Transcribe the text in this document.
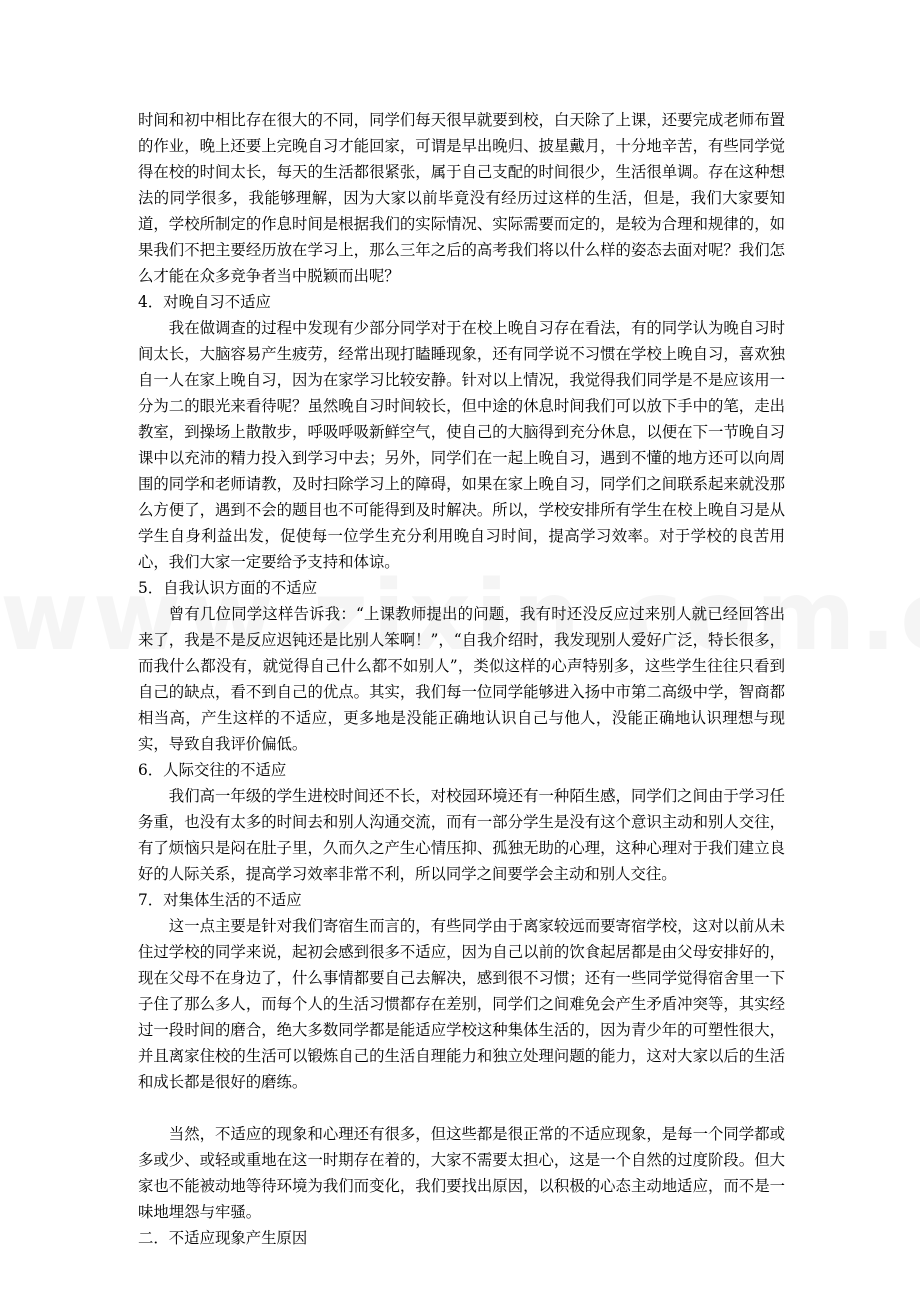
时间和初中相比存在很大的不同，同学们每天很早就要到校，白天除了上课，还要完成老师布置的作业，晚上还要上完晚自习才能回家，可谓是早出晚归、披星戴月，十分地辛苦，有些同学觉得在校的时间太长，每天的生活都很紧张，属于自己支配的时间很少，生活很单调。存在这种想法的同学很多，我能够理解，因为大家以前毕竟没有经历过这样的生活，但是，我们大家要知道，学校所制定的作息时间是根据我们的实际情况、实际需要而定的，是较为合理和规律的，如果我们不把主要经历放在学习上，那么三年之后的高考我们将以什么样的姿态去面对呢？我们怎么才能在众多竞争者当中脱颖而出呢？

4．对晚自习不适应

我在做调查的过程中发现有少部分同学对于在校上晚自习存在看法，有的同学认为晚自习时间太长，大脑容易产生疲劳，经常出现打瞌睡现象，还有同学说不习惯在学校上晚自习，喜欢独自一人在家上晚自习，因为在家学习比较安静。针对以上情况，我觉得我们同学是不是应该用一分为二的眼光来看待呢？虽然晚自习时间较长，但中途的休息时间我们可以放下手中的笔，走出教室，到操场上散散步，呼吸呼吸新鲜空气，使自己的大脑得到充分休息，以便在下一节晚自习课中以充沛的精力投入到学习中去；另外，同学们在一起上晚自习，遇到不懂的地方还可以向周围的同学和老师请教，及时扫除学习上的障碍，如果在家上晚自习，同学们之间联系起来就没那么方便了，遇到不会的题目也不可能得到及时解决。所以，学校安排所有学生在校上晚自习是从学生自身利益出发，促使每一位学生充分利用晚自习时间，提高学习效率。对于学校的良苦用心，我们大家一定要给予支持和体谅。

5．自我认识方面的不适应

曾有几位同学这样告诉我：“上课教师提出的问题，我有时还没反应过来别人就已经回答出来了，我是不是反应迟钝还是比别人笨啊！”，“自我介绍时，我发现别人爱好广泛，特长很多，而我什么都没有，就觉得自己什么都不如别人”，类似这样的心声特别多，这些学生往往只看到自己的缺点，看不到自己的优点。其实，我们每一位同学能够进入扬中市第二高级中学，智商都相当高，产生这样的不适应，更多地是没能正确地认识自己与他人，没能正确地认识理想与现实，导致自我评价偏低。

6．人际交往的不适应

我们高一年级的学生进校时间还不长，对校园环境还有一种陌生感，同学们之间由于学习任务重，也没有太多的时间去和别人沟通交流，而有一部分学生是没有这个意识主动和别人交往，有了烦恼只是闷在肚子里，久而久之产生心情压抑、孤独无助的心理，这种心理对于我们建立良好的人际关系，提高学习效率非常不利，所以同学之间要学会主动和别人交往。

7．对集体生活的不适应

这一点主要是针对我们寄宿生而言的，有些同学由于离家较远而要寄宿学校，这对以前从未住过学校的同学来说，起初会感到很多不适应，因为自己以前的饮食起居都是由父母安排好的，现在父母不在身边了，什么事情都要自己去解决，感到很不习惯；还有一些同学觉得宿舍里一下子住了那么多人，而每个人的生活习惯都存在差别，同学们之间难免会产生矛盾冲突等，其实经过一段时间的磨合，绝大多数同学都是能适应学校这种集体生活的，因为青少年的可塑性很大，并且离家住校的生活可以锻炼自己的生活自理能力和独立处理问题的能力，这对大家以后的生活和成长都是很好的磨练。

当然，不适应的现象和心理还有很多，但这些都是很正常的不适应现象，是每一个同学都或多或少、或轻或重地在这一时期存在着的，大家不需要太担心，这是一个自然的过度阶段。但大家也不能被动地等待环境为我们而变化，我们要找出原因，以积极的心态主动地适应，而不是一味地埋怨与牢骚。

二．不适应现象产生原因
